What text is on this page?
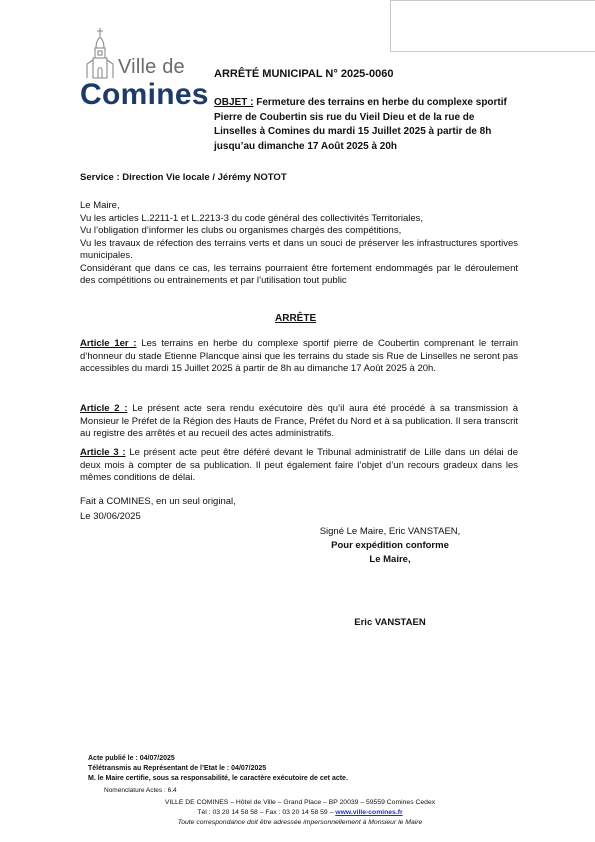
Ville de
Comines
ARRÊTÉ MUNICIPAL N° 2025-0060
OBJET : Fermeture des terrains en herbe du complexe sportif Pierre de Coubertin sis rue du Vieil Dieu et de la rue de Linselles à Comines du mardi 15 Juillet 2025 à partir de 8h jusqu’au dimanche 17 Août 2025 à 20h
Service : Direction Vie locale / Jérémy NOTOT
Le Maire,
Vu les articles L.2211-1 et L.2213-3 du code général des collectivités Territoriales,
Vu l’obligation d’informer les clubs ou organismes chargés des compétitions,
Vu les travaux de réfection des terrains verts et dans un souci de préserver les infrastructures sportives municipales.
Considérant que dans ce cas, les terrains pourraient être fortement endommagés par le déroulement des compétitions ou entrainements et par l’utilisation tout public
ARRÊTE
Article 1er : Les terrains en herbe du complexe sportif pierre de Coubertin comprenant le terrain d’honneur du stade Etienne Plancque ainsi que les terrains du stade sis Rue de Linselles ne seront pas accessibles du mardi 15 Juillet 2025 à partir de 8h au dimanche 17 Août 2025 à 20h.
Article 2 : Le présent acte sera rendu exécutoire dès qu’il aura été procédé à sa transmission à Monsieur le Préfet de la Région des Hauts de France, Préfet du Nord et à sa publication. Il sera transcrit au registre des arrêtés et au recueil des actes administratifs.
Article 3 : Le présent acte peut être déféré devant le Tribunal administratif de Lille dans un délai de deux mois à compter de sa publication. Il peut également faire l’objet d’un recours gradeux dans les mêmes conditions de délai.
Fait à COMINES, en un seul original,
Le 30/06/2025
Signé Le Maire, Eric VANSTAEN,
Pour expédition conforme
Le Maire,
Eric VANSTAEN
Acte publié le : 04/07/2025
Télétransmis au Représentant de l’Etat le : 04/07/2025
M. le Maire certifie, sous sa responsabilité, le caractère exécutoire de cet acte.
Nomenclature Actes : 6.4
VILLE DE COMINES – Hôtel de Ville – Grand Place – BP 20039 – 59559 Comines Cedex
Tél : 03 20 14 58 58 – Fax : 03 20 14 58 59 – www.ville-comines.fr
Toute correspondance doit être adressée impersonnellement à Monsieur le Maire
